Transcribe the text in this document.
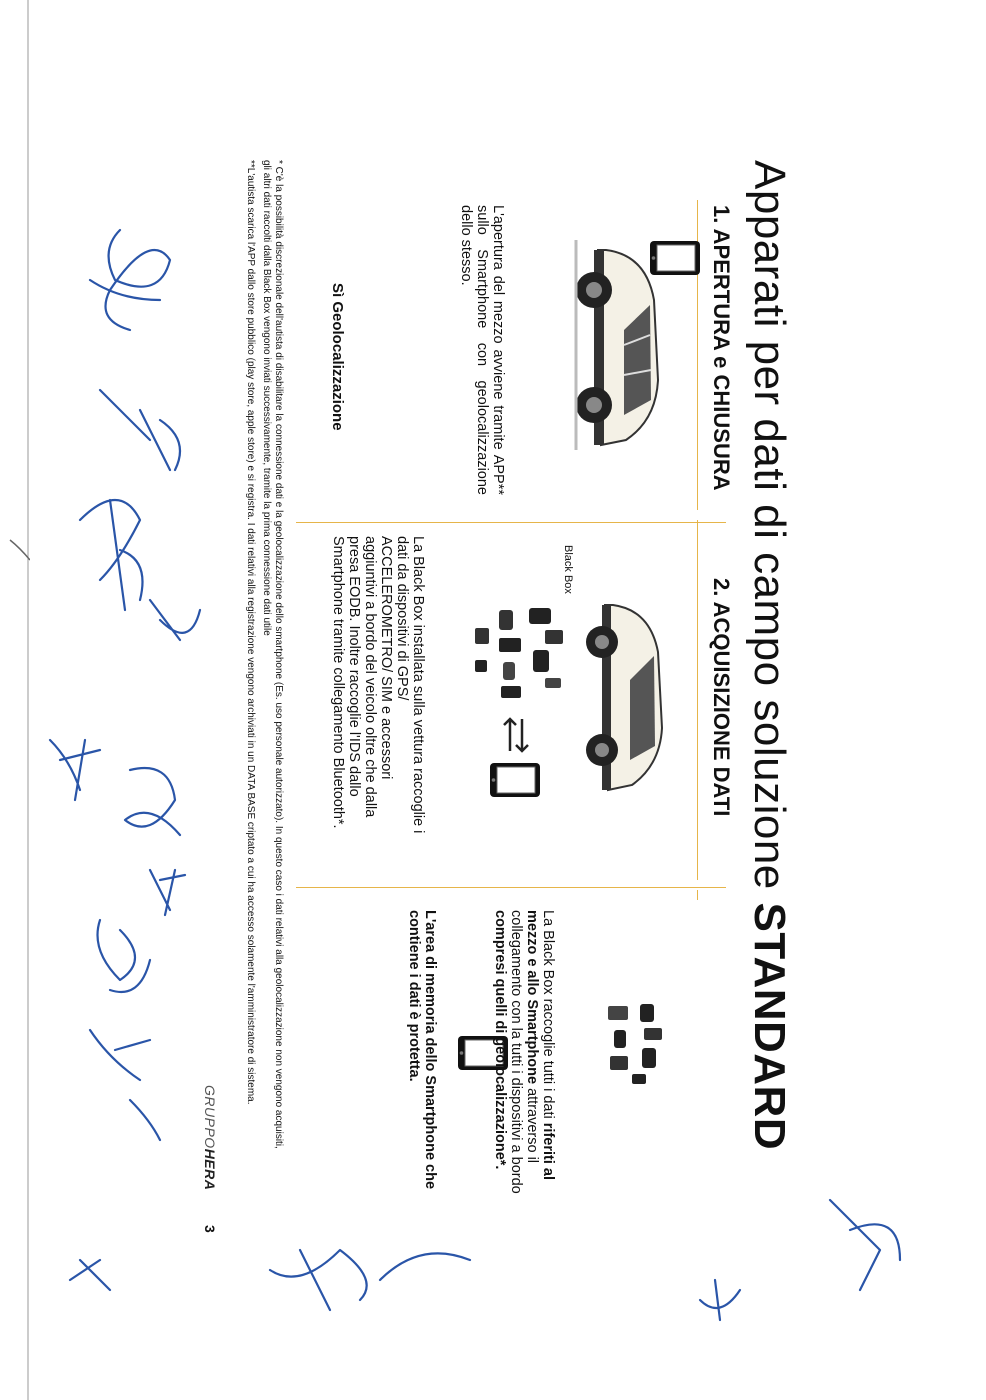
Apparati per dati di campo soluzione STANDARD
1. APERTURA e CHIUSURA
L'apertura del mezzo avviene tramite APP** sullo Smartphone con geolocalizzazione dello stesso.
Sì Geolocalizzazione
2. ACQUISIZIONE DATI
Black Box
La Black Box installata sulla vettura raccoglie i dati da dispositivi di GPS/ ACCELEROMETRO/ SIM e accessori aggiuntivi a bordo del veicolo oltre che dalla presa EODB. Inoltre raccoglie l'IDS dallo Smartphone tramite collegamento Bluetooth*.
La Black Box raccoglie tutti i dati riferiti al mezzo e allo Smartphone attraverso il collegamento con la tutti i dispositivi a bordo compresi quelli di geolocalizzazione*.
L'area di memoria dello Smartphone che contiene i dati è protetta.
* C'è la possibilità discrezionale dell'autista di disabilitare la connessione dati e la geolocalizzazione dello smartphone (Es. uso personale autorizzato). In questo caso i dati relativi alla geolocalizzazione non vengono acquisiti, gli altri dati raccolti dalla Black Box vengono inviati successivamente, tramite la prima connessione dati utile
**L'autista scarica l'APP dallo store pubblico (play store, apple store) e si registra. I dati relativi alla registrazione vengono archiviati in un DATA BASE criptato a cui ha accesso solamente l'amministratore di sistema.
GRUPPOHERA
3
